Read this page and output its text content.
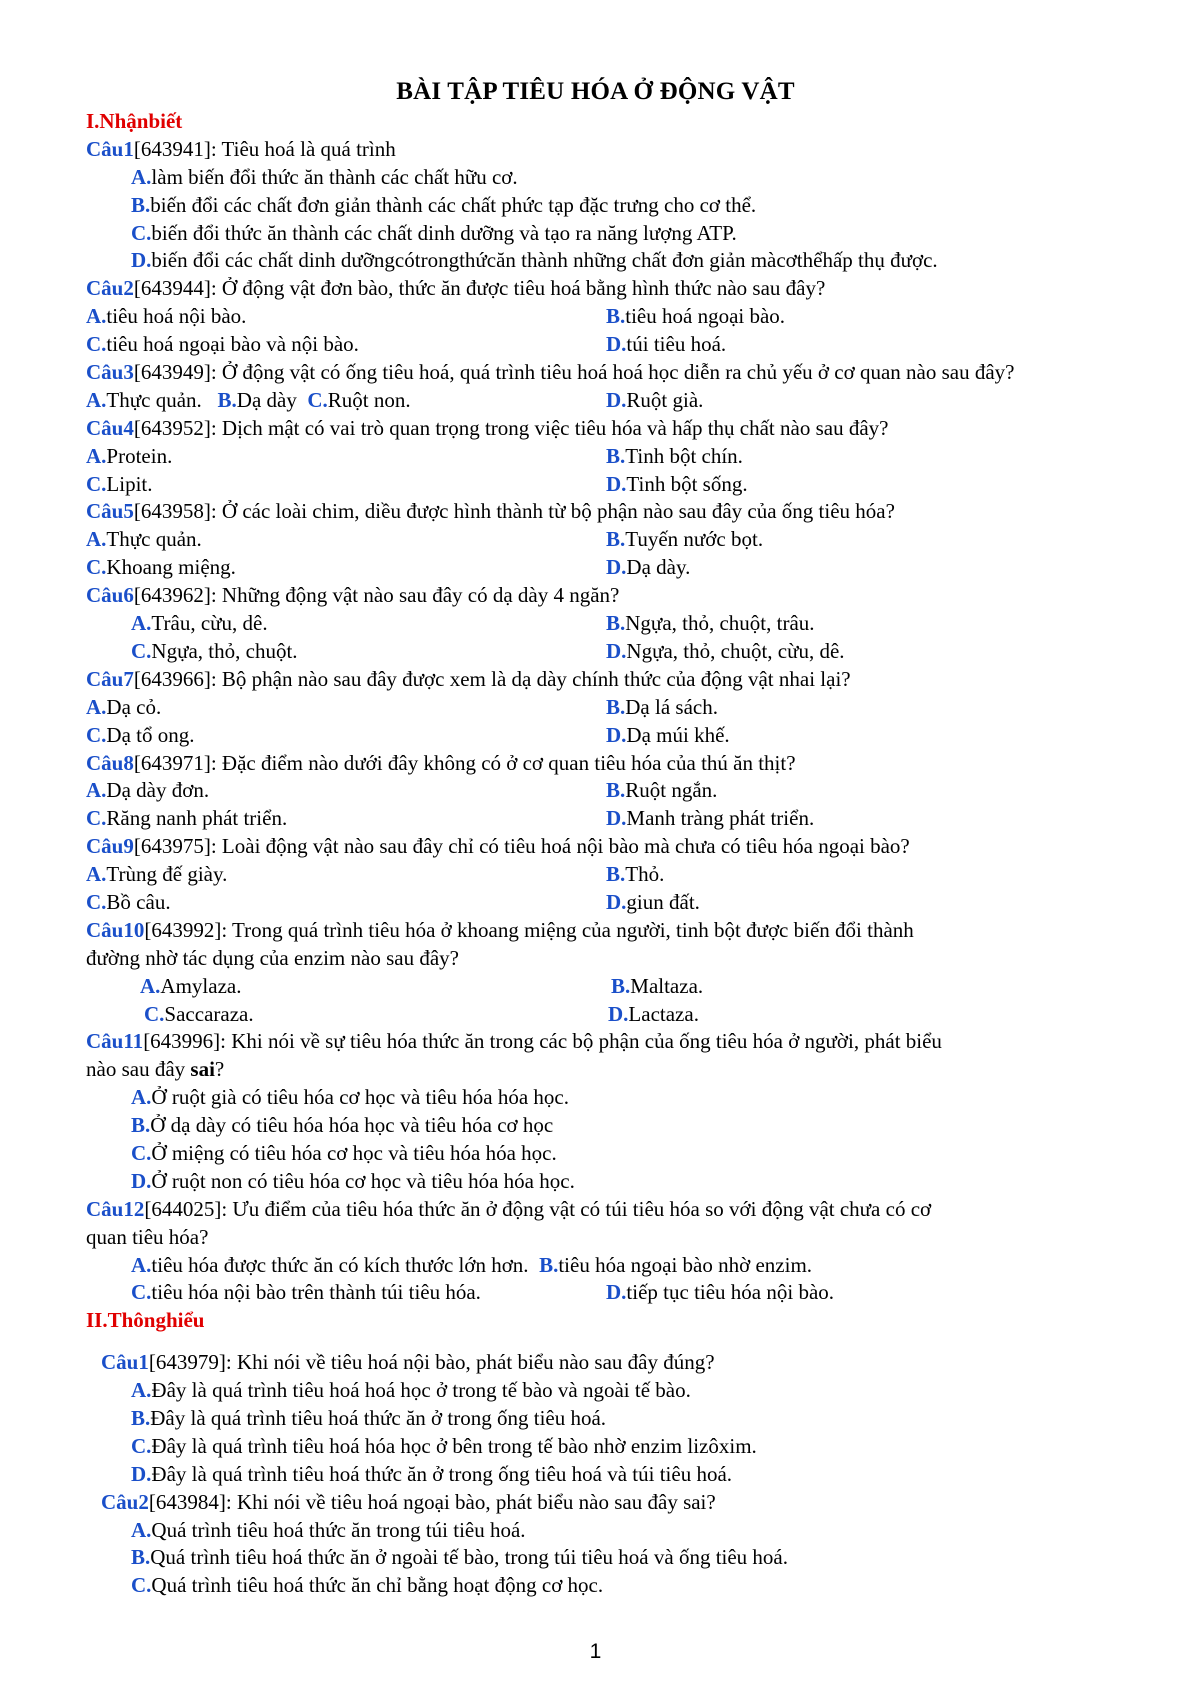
BÀI TẬP TIÊU HÓA Ở ĐỘNG VẬT
I.Nhậnbiết
Câu1[643941]: Tiêu hoá là quá trình
A.làm biến đổi thức ăn thành các chất hữu cơ.
B.biến đổi các chất đơn giản thành các chất phức tạp đặc trưng cho cơ thể.
C.biến đổi thức ăn thành các chất dinh dưỡng và tạo ra năng lượng ATP.
D.biến đổi các chất dinh dưỡngcótrongthứcăn thành những chất đơn giản màcơthểhấp thụ được.
Câu2[643944]: Ở động vật đơn bào, thức ăn được tiêu hoá bằng hình thức nào sau đây?
A.tiêu hoá nội bào.	B.tiêu hoá ngoại bào.
C.tiêu hoá ngoại bào và nội bào.	D.túi tiêu hoá.
Câu3[643949]: Ở động vật có ống tiêu hoá, quá trình tiêu hoá hoá học diễn ra chủ yếu ở cơ quan nào sau đây?
A.Thực quản. B.Dạ dày C.Ruột non.	D.Ruột già.
Câu4[643952]: Dịch mật có vai trò quan trọng trong việc tiêu hóa và hấp thụ chất nào sau đây?
A.Protein.	B.Tinh bột chín.
C.Lipit.	D.Tinh bột sống.
Câu5[643958]: Ở các loài chim, diều được hình thành từ bộ phận nào sau đây của ống tiêu hóa?
A.Thực quản.	B.Tuyến nước bọt.
C.Khoang miệng.	D.Dạ dày.
Câu6[643962]: Những động vật nào sau đây có dạ dày 4 ngăn?
A.Trâu, cừu, dê.	B.Ngựa, thỏ, chuột, trâu.
C.Ngựa, thỏ, chuột.	D.Ngựa, thỏ, chuột, cừu, dê.
Câu7[643966]: Bộ phận nào sau đây được xem là dạ dày chính thức của động vật nhai lại?
A.Dạ cỏ.	B.Dạ lá sách.
C.Dạ tổ ong.	D.Dạ múi khế.
Câu8[643971]: Đặc điểm nào dưới đây không có ở cơ quan tiêu hóa của thú ăn thịt?
A.Dạ dày đơn.	B.Ruột ngắn.
C.Răng nanh phát triển.	D.Manh tràng phát triển.
Câu9[643975]: Loài động vật nào sau đây chỉ có tiêu hoá nội bào mà chưa có tiêu hóa ngoại bào?
A.Trùng đế giày.	B.Thỏ.
C.Bồ câu.	D.giun đất.
Câu10[643992]: Trong quá trình tiêu hóa ở khoang miệng của người, tinh bột được biến đổi thành
đường nhờ tác dụng của enzim nào sau đây?
A.Amylaza.	B.Maltaza.
C.Saccaraza.	D.Lactaza.
Câu11[643996]: Khi nói về sự tiêu hóa thức ăn trong các bộ phận của ống tiêu hóa ở người, phát biểu
nào sau đây sai?
A.Ở ruột già có tiêu hóa cơ học và tiêu hóa hóa học.
B.Ở dạ dày có tiêu hóa hóa học và tiêu hóa cơ học
C.Ở miệng có tiêu hóa cơ học và tiêu hóa hóa học.
D.Ở ruột non có tiêu hóa cơ học và tiêu hóa hóa học.
Câu12[644025]: Ưu điểm của tiêu hóa thức ăn ở động vật có túi tiêu hóa so với động vật chưa có cơ
quan tiêu hóa?
A.tiêu hóa được thức ăn có kích thước lớn hơn. B.tiêu hóa ngoại bào nhờ enzim.
C.tiêu hóa nội bào trên thành túi tiêu hóa.	D.tiếp tục tiêu hóa nội bào.
II.Thônghiểu
Câu1[643979]: Khi nói về tiêu hoá nội bào, phát biểu nào sau đây đúng?
A.Đây là quá trình tiêu hoá hoá học ở trong tế bào và ngoài tế bào.
B.Đây là quá trình tiêu hoá thức ăn ở trong ống tiêu hoá.
C.Đây là quá trình tiêu hoá hóa học ở bên trong tế bào nhờ enzim lizôxim.
D.Đây là quá trình tiêu hoá thức ăn ở trong ống tiêu hoá và túi tiêu hoá.
Câu2[643984]: Khi nói về tiêu hoá ngoại bào, phát biểu nào sau đây sai?
A.Quá trình tiêu hoá thức ăn trong túi tiêu hoá.
B.Quá trình tiêu hoá thức ăn ở ngoài tế bào, trong túi tiêu hoá và ống tiêu hoá.
C.Quá trình tiêu hoá thức ăn chỉ bằng hoạt động cơ học.
1
